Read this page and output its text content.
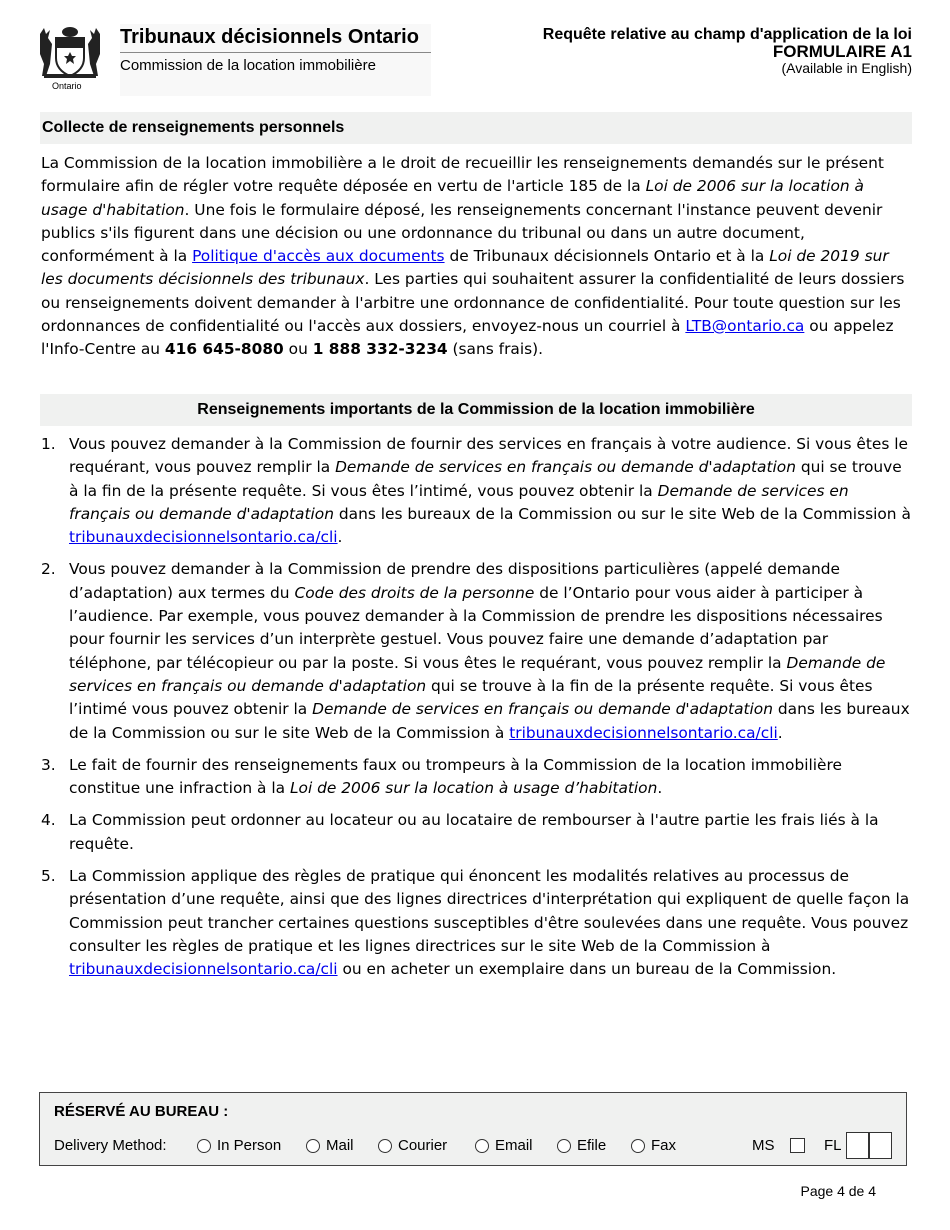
Ontario
Tribunaux décisionnels Ontario
Commission de la location immobilière
Requête relative au champ d'application de la loi
FORMULAIRE A1
(Available in English)
Collecte de renseignements personnels

La Commission de la location immobilière a le droit de recueillir les renseignements demandés sur le présent formulaire afin de régler votre requête déposée en vertu de l'article 185 de la Loi de 2006 sur la location à usage d'habitation. Une fois le formulaire déposé, les renseignements concernant l'instance peuvent devenir publics s'ils figurent dans une décision ou une ordonnance du tribunal ou dans un autre document, conformément à la Politique d'accès aux documents de Tribunaux décisionnels Ontario et à la Loi de 2019 sur les documents décisionnels des tribunaux. Les parties qui souhaitent assurer la confidentialité de leurs dossiers ou renseignements doivent demander à l'arbitre une ordonnance de confidentialité. Pour toute question sur les ordonnances de confidentialité ou l'accès aux dossiers, envoyez-nous un courriel à LTB@ontario.ca ou appelez l'Info-Centre au 416 645-8080 ou 1 888 332-3234 (sans frais).

Renseignements importants de la Commission de la location immobilière
1. Vous pouvez demander à la Commission de fournir des services en français à votre audience. Si vous êtes le requérant, vous pouvez remplir la Demande de services en français ou demande d'adaptation qui se trouve à la fin de la présente requête. Si vous êtes l’intimé, vous pouvez obtenir la Demande de services en français ou demande d'adaptation dans les bureaux de la Commission ou sur le site Web de la Commission à tribunauxdecisionnelsontario.ca/cli.
2. Vous pouvez demander à la Commission de prendre des dispositions particulières (appelé demande d’adaptation) aux termes du Code des droits de la personne de l’Ontario pour vous aider à participer à l’audience. Par exemple, vous pouvez demander à la Commission de prendre les dispositions nécessaires pour fournir les services d’un interprète gestuel. Vous pouvez faire une demande d’adaptation par téléphone, par télécopieur ou par la poste. Si vous êtes le requérant, vous pouvez remplir la Demande de services en français ou demande d'adaptation qui se trouve à la fin de la présente requête. Si vous êtes l’intimé vous pouvez obtenir la Demande de services en français ou demande d'adaptation dans les bureaux de la Commission ou sur le site Web de la Commission à tribunauxdecisionnelsontario.ca/cli.
3. Le fait de fournir des renseignements faux ou trompeurs à la Commission de la location immobilière constitue une infraction à la Loi de 2006 sur la location à usage d’habitation.
4. La Commission peut ordonner au locateur ou au locataire de rembourser à l'autre partie les frais liés à la requête.
5. La Commission applique des règles de pratique qui énoncent les modalités relatives au processus de présentation d’une requête, ainsi que des lignes directrices d'interprétation qui expliquent de quelle façon la Commission peut trancher certaines questions susceptibles d'être soulevées dans une requête. Vous pouvez consulter les règles de pratique et les lignes directrices sur le site Web de la Commission à tribunauxdecisionnelsontario.ca/cli ou en acheter un exemplaire dans un bureau de la Commission.
RÉSERVÉ AU BUREAU :
Delivery Method:	In Person	Mail	Courier	Email	Efile	Fax	MS	FL
Page 4 de 4
